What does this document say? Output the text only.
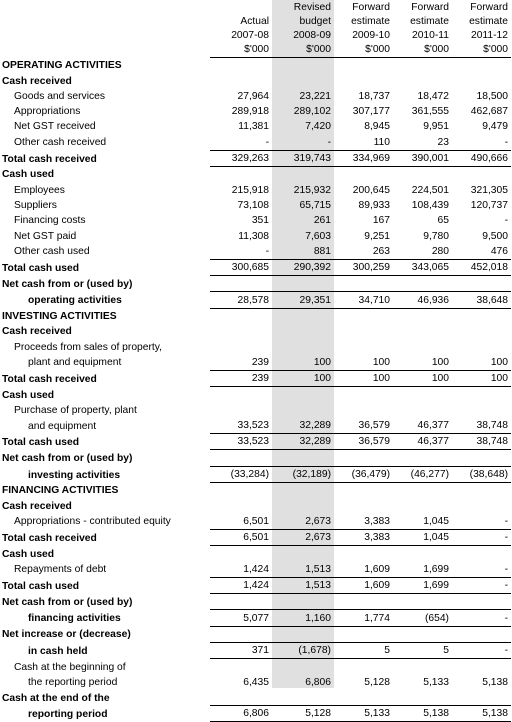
		Revised	Forward	Forward	Forward
	Actual	budget	estimate	estimate	estimate
	2007-08	2008-09	2009-10	2010-11	2011-12
	$'000	$'000	$'000	$'000	$'000
OPERATING ACTIVITIES					
Cash received					
Goods and services	27,964	23,221	18,737	18,472	18,500
Appropriations	289,918	289,102	307,177	361,555	462,687
Net GST received	11,381	7,420	8,945	9,951	9,479
Other cash received	-	-	110	23	-
Total cash received	329,263	319,743	334,969	390,001	490,666
Cash used					
Employees	215,918	215,932	200,645	224,501	321,305
Suppliers	73,108	65,715	89,933	108,439	120,737
Financing costs	351	261	167	65	-
Net GST paid	11,308	7,603	9,251	9,780	9,500
Other cash used	-	881	263	280	476
Total cash used	300,685	290,392	300,259	343,065	452,018
Net cash from or (used by)					
operating activities	28,578	29,351	34,710	46,936	38,648
INVESTING ACTIVITIES					
Cash received					
Proceeds from sales of property,					
plant and equipment	239	100	100	100	100
Total cash received	239	100	100	100	100
Cash used					
Purchase of property, plant					
and equipment	33,523	32,289	36,579	46,377	38,748
Total cash used	33,523	32,289	36,579	46,377	38,748
Net cash from or (used by)					
investing activities	(33,284)	(32,189)	(36,479)	(46,277)	(38,648)
FINANCING ACTIVITIES					
Cash received					
Appropriations - contributed equity	6,501	2,673	3,383	1,045	-
Total cash received	6,501	2,673	3,383	1,045	-
Cash used					
Repayments of debt	1,424	1,513	1,609	1,699	-
Total cash used	1,424	1,513	1,609	1,699	-
Net cash from or (used by)					
financing activities	5,077	1,160	1,774	(654)	-
Net increase or (decrease)					
in cash held	371	(1,678)	5	5	-
Cash at the beginning of					
the reporting period	6,435	6,806	5,128	5,133	5,138
Cash at the end of the					
reporting period	6,806	5,128	5,133	5,138	5,138
